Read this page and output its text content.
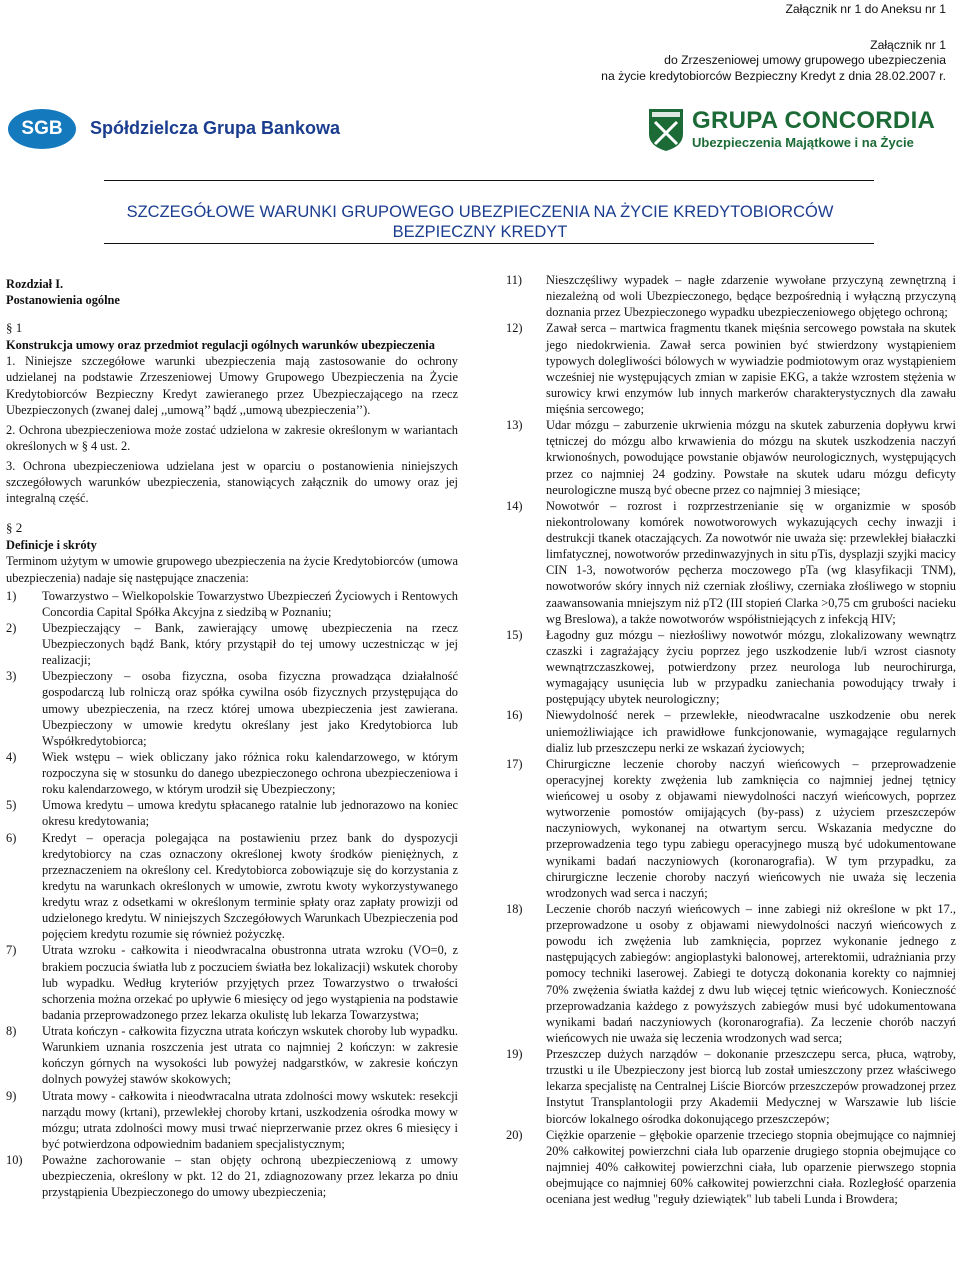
Załącznik nr 1 do Aneksu nr 1
Załącznik nr 1
do Zrzeszeniowej umowy grupowego ubezpieczenia
na życie kredytobiorców Bezpieczny Kredyt z dnia 28.02.2007 r.
SGB	Spółdzielcza Grupa Bankowa	GRUPA CONCORDIA
Ubezpieczenia Majątkowe i na Życie
SZCZEGÓŁOWE WARUNKI GRUPOWEGO UBEZPIECZENIA NA ŻYCIE KREDYTOBIORCÓW
BEZPIECZNY KREDYT
Rozdział I.
Postanowienia ogólne
§ 1
Konstrukcja umowy oraz przedmiot regulacji ogólnych warunków ubezpieczenia

1. Niniejsze szczegółowe warunki ubezpieczenia mają zastosowanie do ochrony udzielanej na podstawie Zrzeszeniowej Umowy Grupowego Ubezpieczenia na Życie Kredytobiorców Bezpieczny Kredyt zawieranego przez Ubezpieczającego na rzecz Ubezpieczonych (zwanej dalej ,,umową’’ bądź ,,umową ubezpieczenia’’).

2. Ochrona ubezpieczeniowa może zostać udzielona w zakresie określonym w wariantach określonych w § 4 ust. 2.

3. Ochrona ubezpieczeniowa udzielana jest w oparciu o postanowienia niniejszych szczegółowych warunków ubezpieczenia, stanowiących załącznik do umowy oraz jej integralną część.

§ 2
Definicje i skróty

Terminom użytym w umowie grupowego ubezpieczenia na życie Kredytobiorców (umowa ubezpieczenia) nadaje się następujące znaczenia:

1)	Towarzystwo – Wielkopolskie Towarzystwo Ubezpieczeń Życiowych i Rentowych Concordia Capital Spółka Akcyjna z siedzibą w Poznaniu;
2)	Ubezpieczający – Bank, zawierający umowę ubezpieczenia na rzecz Ubezpieczonych bądź Bank, który przystąpił do tej umowy uczestnicząc w jej realizacji;
3)	Ubezpieczony – osoba fizyczna, osoba fizyczna prowadząca działalność gospodarczą lub rolniczą oraz spółka cywilna osób fizycznych przystępująca do umowy ubezpieczenia, na rzecz której umowa ubezpieczenia jest zawierana. Ubezpieczony w umowie kredytu określany jest jako Kredytobiorca lub Współkredytobiorca;
4)	Wiek wstępu – wiek obliczany jako różnica roku kalendarzowego, w którym rozpoczyna się w stosunku do danego ubezpieczonego ochrona ubezpieczeniowa i roku kalendarzowego, w którym urodził się Ubezpieczony;
5)	Umowa kredytu – umowa kredytu spłacanego ratalnie lub jednorazowo na koniec okresu kredytowania;
6)	Kredyt – operacja polegająca na postawieniu przez bank do dyspozycji kredytobiorcy na czas oznaczony określonej kwoty środków pieniężnych, z przeznaczeniem na określony cel. Kredytobiorca zobowiązuje się do korzystania z kredytu na warunkach określonych w umowie, zwrotu kwoty wykorzystywanego kredytu wraz z odsetkami w określonym terminie spłaty oraz zapłaty prowizji od udzielonego kredytu. W niniejszych Szczegółowych Warunkach Ubezpieczenia pod pojęciem kredytu rozumie się również pożyczkę.
7)	Utrata wzroku - całkowita i nieodwracalna obustronna utrata wzroku (VO=0, z brakiem poczucia światła lub z poczuciem światła bez lokalizacji) wskutek choroby lub wypadku. Według kryteriów przyjętych przez Towarzystwo o trwałości schorzenia można orzekać po upływie 6 miesięcy od jego wystąpienia na podstawie badania przeprowadzonego przez lekarza okulistę lub lekarza Towarzystwa;
8)	Utrata kończyn - całkowita fizyczna utrata kończyn wskutek choroby lub wypadku. Warunkiem uznania roszczenia jest utrata co najmniej 2 kończyn: w zakresie kończyn górnych na wysokości lub powyżej nadgarstków, w zakresie kończyn dolnych powyżej stawów skokowych;
9)	Utrata mowy - całkowita i nieodwracalna utrata zdolności mowy wskutek: resekcji narządu mowy (krtani), przewlekłej choroby krtani, uszkodzenia ośrodka mowy w mózgu; utrata zdolności mowy musi trwać nieprzerwanie przez okres 6 miesięcy i być potwierdzona odpowiednim badaniem specjalistycznym;
10)	Poważne zachorowanie – stan objęty ochroną ubezpieczeniową z umowy ubezpieczenia, określony w pkt. 12 do 21, zdiagnozowany przez lekarza po dniu przystąpienia Ubezpieczonego do umowy ubezpieczenia;
11)	Nieszczęśliwy wypadek – nagłe zdarzenie wywołane przyczyną zewnętrzną i niezależną od woli Ubezpieczonego, będące bezpośrednią i wyłączną przyczyną doznania przez Ubezpieczonego wypadku ubezpieczeniowego objętego ochroną;
12)	Zawał serca – martwica fragmentu tkanek mięśnia sercowego powstała na skutek jego niedokrwienia. Zawał serca powinien być stwierdzony wystąpieniem typowych dolegliwości bólowych w wywiadzie podmiotowym oraz wystąpieniem wcześniej nie występujących zmian w zapisie EKG, a także wzrostem stężenia w surowicy krwi enzymów lub innych markerów charakterystycznych dla zawału mięśnia sercowego;
13)	Udar mózgu – zaburzenie ukrwienia mózgu na skutek zaburzenia dopływu krwi tętniczej do mózgu albo krwawienia do mózgu na skutek uszkodzenia naczyń krwionośnych, powodujące powstanie objawów neurologicznych, występujących przez co najmniej 24 godziny. Powstałe na skutek udaru mózgu deficyty neurologiczne muszą być obecne przez co najmniej 3 miesiące;
14)	Nowotwór – rozrost i rozprzestrzenianie się w organizmie w sposób niekontrolowany komórek nowotworowych wykazujących cechy inwazji i destrukcji tkanek otaczających. Za nowotwór nie uważa się: przewlekłej białaczki limfatycznej, nowotworów przedinwazyjnych in situ pTis, dysplazji szyjki macicy CIN 1-3, nowotworów pęcherza moczowego pTa (wg klasyfikacji TNM), nowotworów skóry innych niż czerniak złośliwy, czerniaka złośliwego w stopniu zaawansowania mniejszym niż pT2 (III stopień Clarka >0,75 cm grubości nacieku wg Breslowa), a także nowotworów współistniejących z infekcją HIV;
15)	Łagodny guz mózgu – niezłośliwy nowotwór mózgu, zlokalizowany wewnątrz czaszki i zagrażający życiu poprzez jego uszkodzenie lub/i wzrost ciasnoty wewnątrzczaszkowej, potwierdzony przez neurologa lub neurochirurga, wymagający usunięcia lub w przypadku zaniechania powodujący trwały i postępujący ubytek neurologiczny;
16)	Niewydolność nerek – przewlekłe, nieodwracalne uszkodzenie obu nerek uniemożliwiające ich prawidłowe funkcjonowanie, wymagające regularnych dializ lub przeszczepu nerki ze wskazań życiowych;
17)	Chirurgiczne leczenie choroby naczyń wieńcowych – przeprowadzenie operacyjnej korekty zwężenia lub zamknięcia co najmniej jednej tętnicy wieńcowej u osoby z objawami niewydolności naczyń wieńcowych, poprzez wytworzenie pomostów omijających (by-pass) z użyciem przeszczepów naczyniowych, wykonanej na otwartym sercu. Wskazania medyczne do przeprowadzenia tego typu zabiegu operacyjnego muszą być udokumentowane wynikami badań naczyniowych (koronarografia). W tym przypadku, za chirurgiczne leczenie choroby naczyń wieńcowych nie uważa się leczenia wrodzonych wad serca i naczyń;
18)	Leczenie chorób naczyń wieńcowych – inne zabiegi niż określone w pkt 17., przeprowadzone u osoby z objawami niewydolności naczyń wieńcowych z powodu ich zwężenia lub zamknięcia, poprzez wykonanie jednego z następujących zabiegów: angioplastyki balonowej, arterektomii, udrażniania przy pomocy techniki laserowej. Zabiegi te dotyczą dokonania korekty co najmniej 70% zwężenia światła każdej z dwu lub więcej tętnic wieńcowych. Konieczność przeprowadzania każdego z powyższych zabiegów musi być udokumentowana wynikami badań naczyniowych (koronarografia). Za leczenie chorób naczyń wieńcowych nie uważa się leczenia wrodzonych wad serca;
19)	Przeszczep dużych narządów – dokonanie przeszczepu serca, płuca, wątroby, trzustki u ile Ubezpieczony jest biorcą lub został umieszczony przez właściwego lekarza specjalistę na Centralnej Liście Biorców przeszczepów prowadzonej przez Instytut Transplantologii przy Akademii Medycznej w Warszawie lub liście biorców lokalnego ośrodka dokonującego przeszczepów;
20)	Ciężkie oparzenie – głębokie oparzenie trzeciego stopnia obejmujące co najmniej 20% całkowitej powierzchni ciała lub oparzenie drugiego stopnia obejmujące co najmniej 40% całkowitej powierzchni ciała, lub oparzenie pierwszego stopnia obejmujące co najmniej 60% całkowitej powierzchni ciała. Rozległość oparzenia oceniana jest według "reguły dziewiątek" lub tabeli Lunda i Browdera;
